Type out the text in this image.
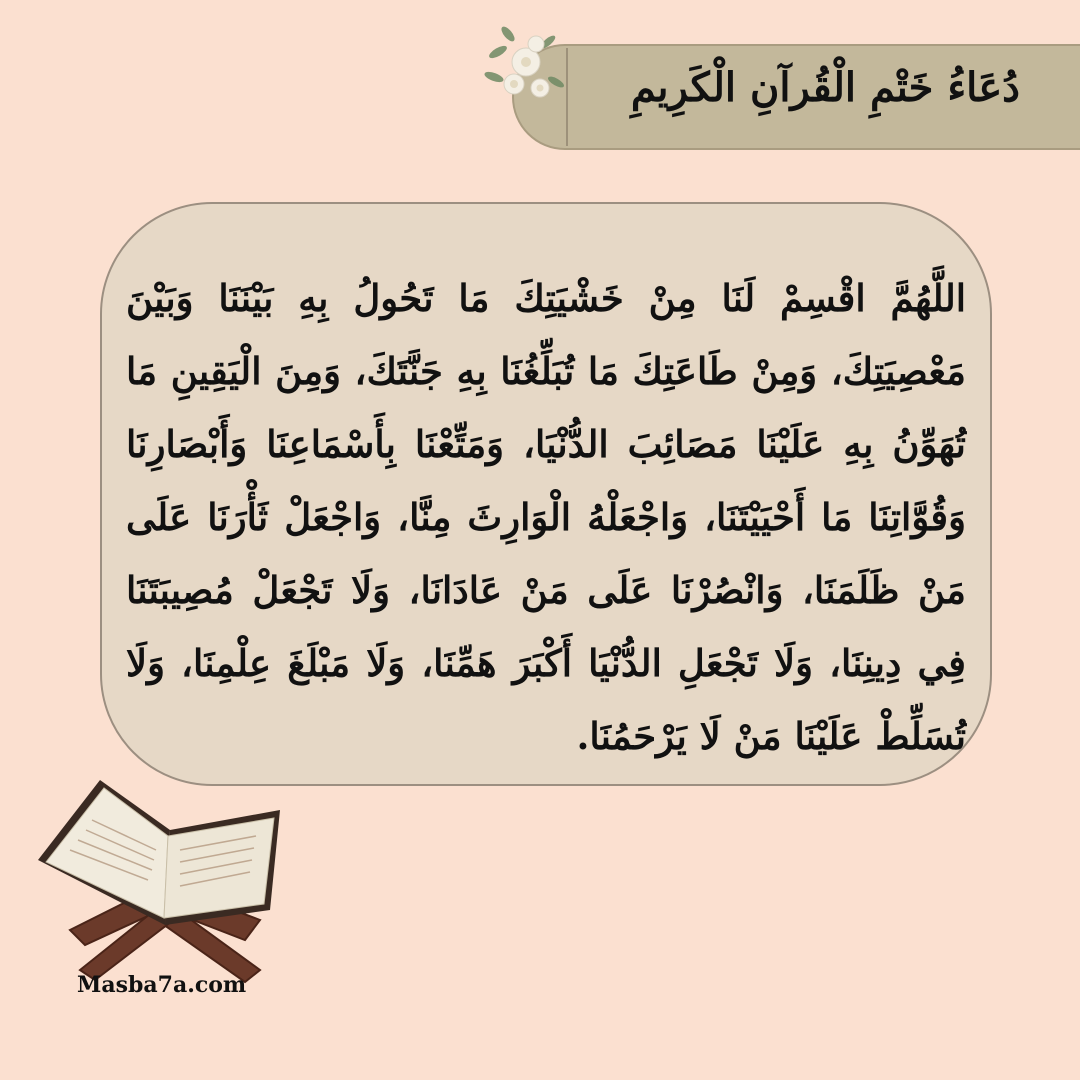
دُعَاءُ خَتْمِ الْقُرآنِ الْكَرِيمِ
اللَّهُمَّ اقْسِمْ لَنَا مِنْ خَشْيَتِكَ مَا تَحُولُ بِهِ بَيْنَنَا وَبَيْنَ مَعْصِيَتِكَ، وَمِنْ طَاعَتِكَ مَا تُبَلِّغُنَا بِهِ جَنَّتَكَ، وَمِنَ الْيَقِينِ مَا تُهَوِّنُ بِهِ عَلَيْنَا مَصَائِبَ الدُّنْيَا، وَمَتِّعْنَا بِأَسْمَاعِنَا وَأَبْصَارِنَا وَقُوَّاتِنَا مَا أَحْيَيْتَنَا، وَاجْعَلْهُ الْوَارِثَ مِنَّا، وَاجْعَلْ ثَأْرَنَا عَلَى مَنْ ظَلَمَنَا، وَانْصُرْنَا عَلَى مَنْ عَادَانَا، وَلَا تَجْعَلْ مُصِيبَتَنَا فِي دِينِنَا، وَلَا تَجْعَلِ الدُّنْيَا أَكْبَرَ هَمِّنَا، وَلَا مَبْلَغَ عِلْمِنَا، وَلَا تُسَلِّطْ عَلَيْنَا مَنْ لَا يَرْحَمُنَا.
Masba7a.com
